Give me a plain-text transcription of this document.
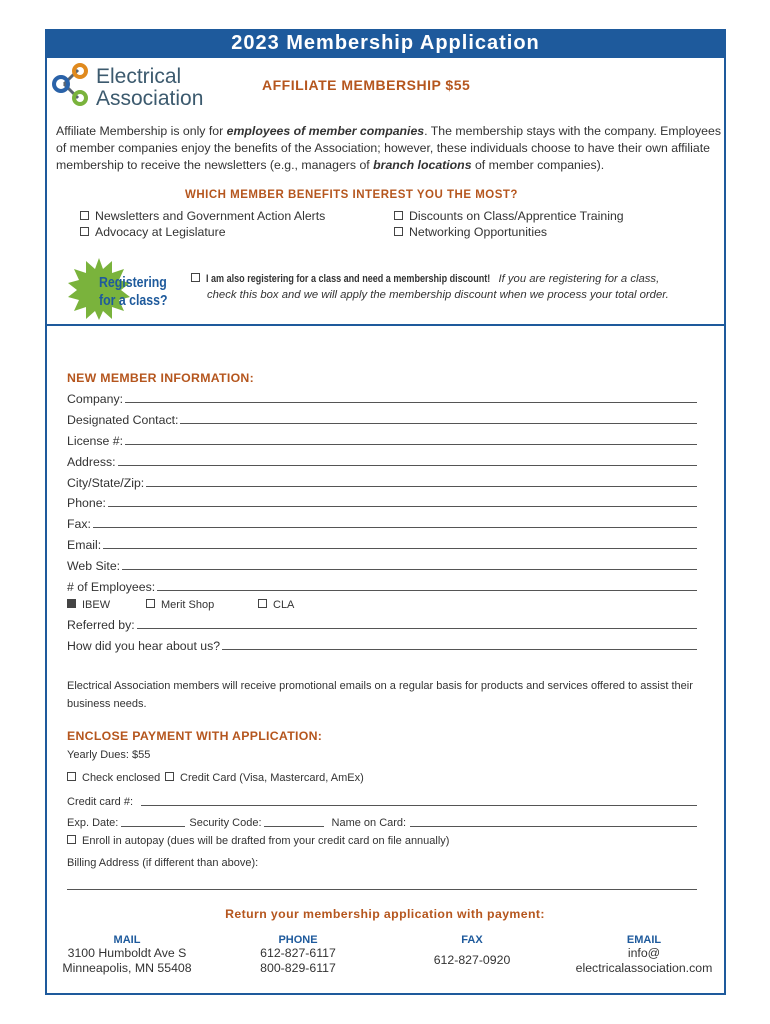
2023 Membership Application
Electrical
Association
AFFILIATE MEMBERSHIP $55
Affiliate Membership is only for employees of member companies. The membership stays with the company. Employees of member companies enjoy the benefits of the Association; however, these individuals choose to have their own affiliate membership to receive the newsletters (e.g., managers of branch locations of member companies).
WHICH MEMBER BENEFITS INTEREST YOU THE MOST?
Newsletters and Government Action Alerts
Advocacy at Legislature
Discounts on Class/Apprentice Training
Networking Opportunities
Registering
for a class?
I am also registering for a class and need a membership discount! If you are registering for a class,
check this box and we will apply the membership discount when we process your total order.
NEW MEMBER INFORMATION:
Company:
Designated Contact:
License #:
Address:
City/State/Zip:
Phone:
Fax:
Email:
Web Site:
# of Employees:
IBEW	Merit Shop	CLA
Referred by:
How did you hear about us?
Electrical Association members will receive promotional emails on a regular basis for products and services offered to assist their business needs.
ENCLOSE PAYMENT WITH APPLICATION:
Yearly Dues: $55
Check enclosed	Credit Card (Visa, Mastercard, AmEx)
Credit card #:
Exp. Date:	Security Code:	Name on Card:
Enroll in autopay (dues will be drafted from your credit card on file annually)
Billing Address (if different than above):
Return your membership application with payment:
MAIL
3100 Humboldt Ave S
Minneapolis, MN 55408
PHONE
612-827-6117
800-829-6117
FAX
612-827-0920
EMAIL
info@
electricalassociation.com
